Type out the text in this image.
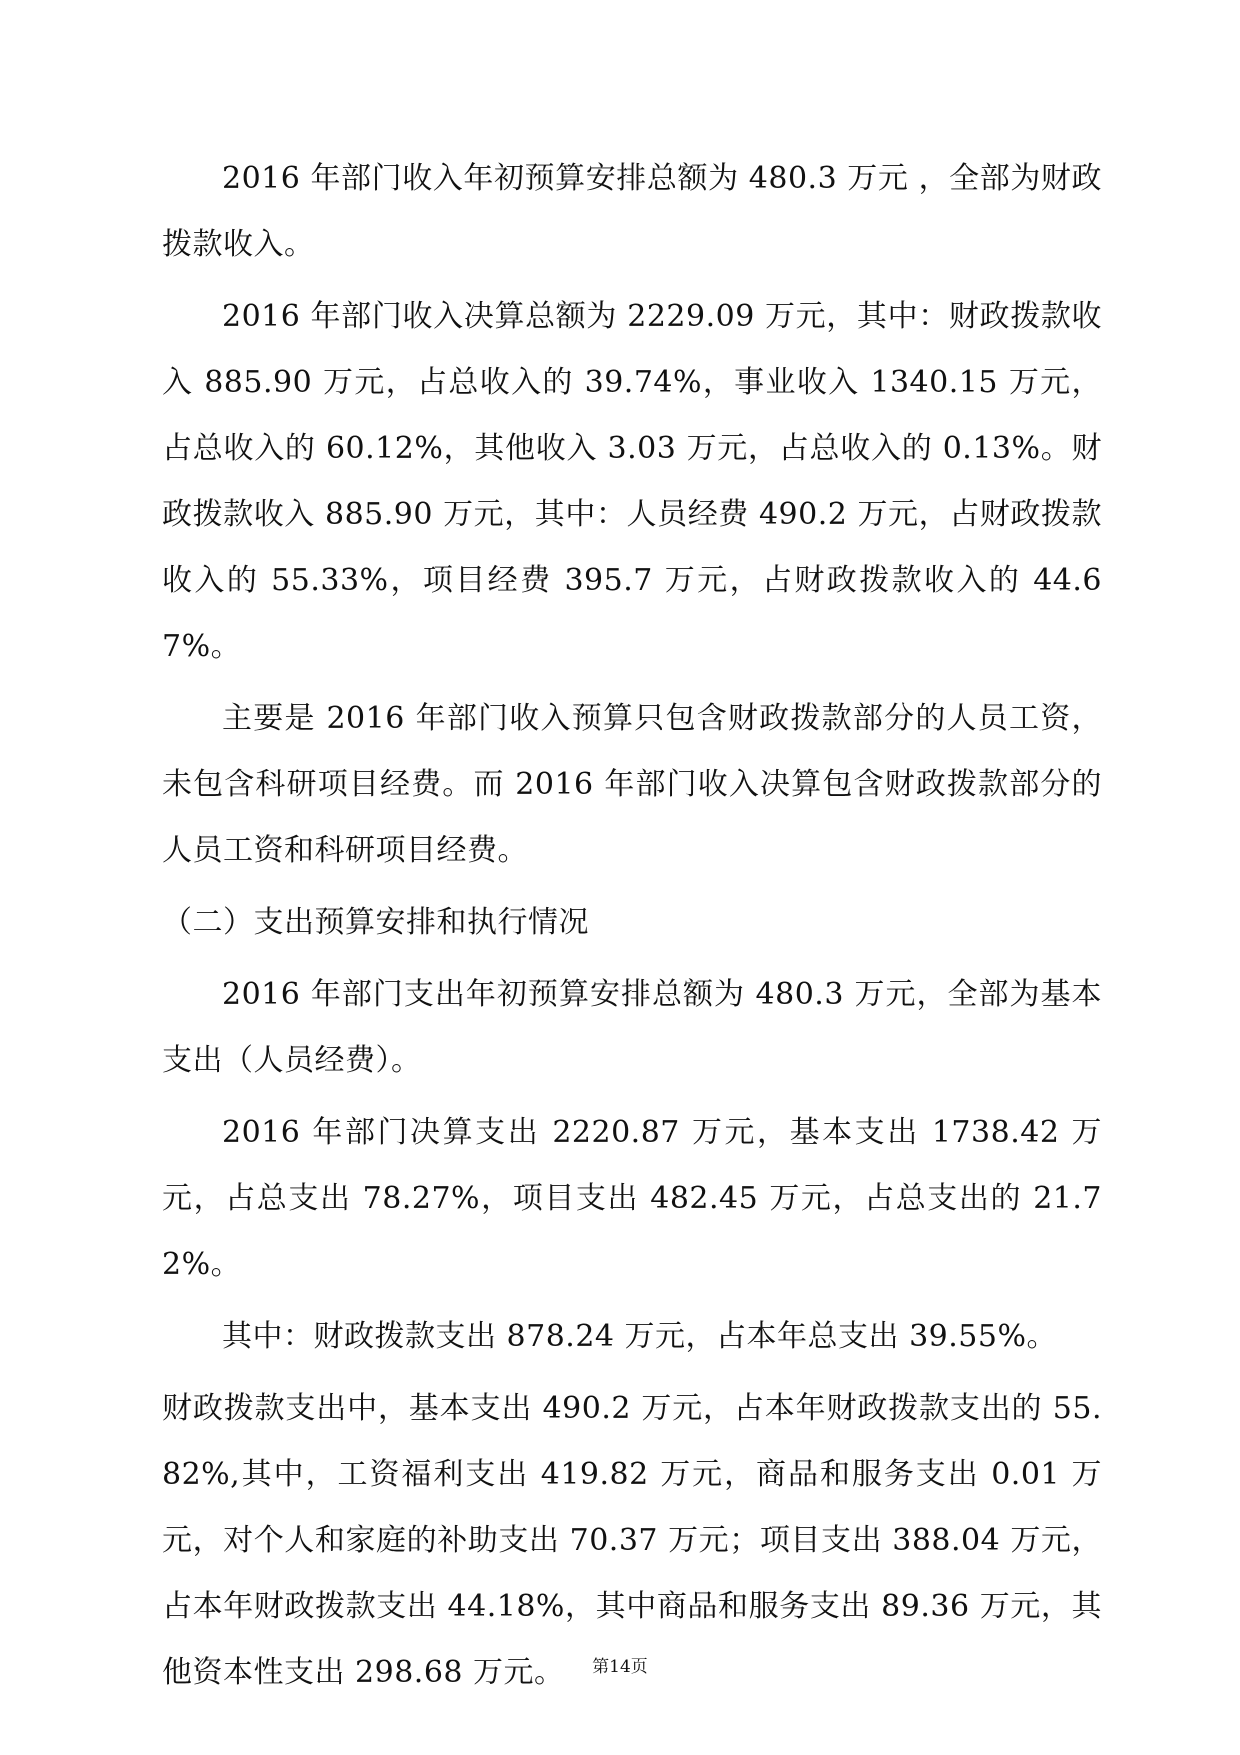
2016 年部门收入年初预算安排总额为 480.3 万元 ，全部为财政拨款收入。

2016 年部门收入决算总额为 2229.09 万元，其中：财政拨款收入 885.90 万元，占总收入的 39.74%，事业收入 1340.15 万元，占总收入的 60.12%，其他收入 3.03 万元，占总收入的 0.13%。财政拨款收入 885.90 万元，其中：人员经费 490.2 万元，占财政拨款收入的 55.33%，项目经费 395.7 万元，占财政拨款收入的 44.67%。

主要是 2016 年部门收入预算只包含财政拨款部分的人员工资，未包含科研项目经费。而 2016 年部门收入决算包含财政拨款部分的人员工资和科研项目经费。

（二）支出预算安排和执行情况

2016 年部门支出年初预算安排总额为 480.3 万元，全部为基本支出（人员经费）。

2016 年部门决算支出 2220.87 万元，基本支出 1738.42 万元，占总支出 78.27%，项目支出 482.45 万元，占总支出的 21.72%。

其中：财政拨款支出 878.24 万元，占本年总支出 39.55%。

财政拨款支出中，基本支出 490.2 万元，占本年财政拨款支出的 55.82%,其中，工资福利支出 419.82 万元，商品和服务支出 0.01 万元，对个人和家庭的补助支出 70.37 万元；项目支出 388.04 万元，占本年财政拨款支出 44.18%，其中商品和服务支出 89.36 万元，其他资本性支出 298.68 万元。	第14页
